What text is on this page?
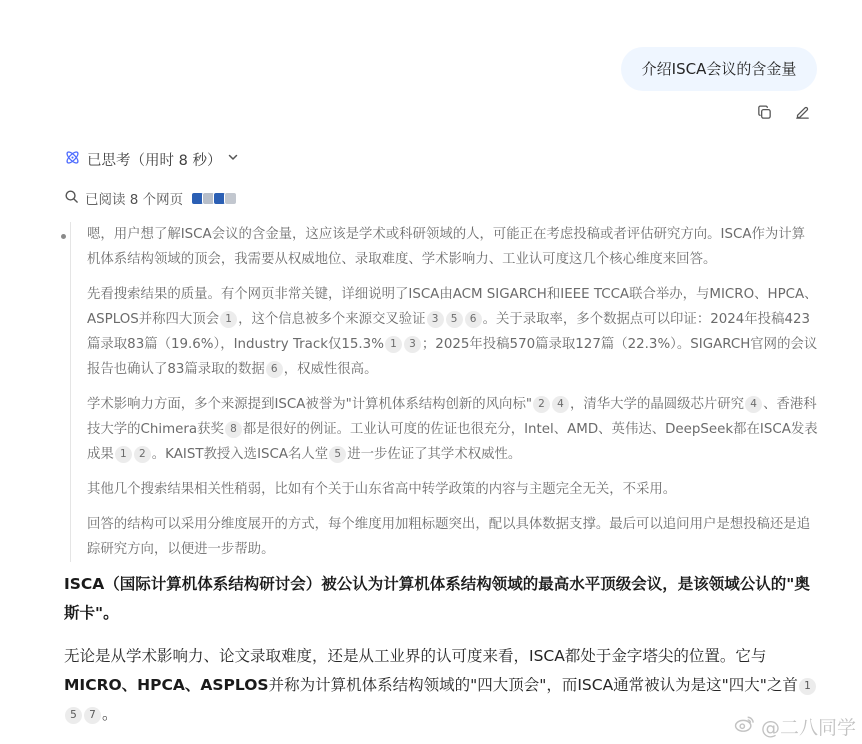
介绍ISCA会议的含金量
已思考（用时 8 秒）
已阅读 8 个网页

嗯，用户想了解ISCA会议的含金量，这应该是学术或科研领域的人，可能正在考虑投稿或者评估研究方向。ISCA作为计算机体系结构领域的顶会，我需要从权威地位、录取难度、学术影响力、工业认可度这几个核心维度来回答。

先看搜索结果的质量。有个网页非常关键，详细说明了ISCA由ACM SIGARCH和IEEE TCCA联合举办，与MICRO、HPCA、ASPLOS并称四大顶会 1 ，这个信息被多个来源交叉验证 3 5 6 。关于录取率，多个数据点可以印证：2024年投稿423篇录取83篇（19.6%），Industry Track仅15.3% 1 3 ；2025年投稿570篇录取127篇（22.3%）。SIGARCH官网的会议报告也确认了83篇录取的数据 6 ，权威性很高。

学术影响力方面，多个来源提到ISCA被誉为"计算机体系结构创新的风向标" 2 4 ，清华大学的晶圆级芯片研究 4 、香港科技大学的Chimera获奖 8 都是很好的例证。工业认可度的佐证也很充分，Intel、AMD、英伟达、DeepSeek都在ISCA发表成果 1 2 。KAIST教授入选ISCA名人堂 5 进一步佐证了其学术权威性。

其他几个搜索结果相关性稍弱，比如有个关于山东省高中转学政策的内容与主题完全无关，不采用。

回答的结构可以采用分维度展开的方式，每个维度用加粗标题突出，配以具体数据支撑。最后可以追问用户是想投稿还是追踪研究方向，以便进一步帮助。

ISCA（国际计算机体系结构研讨会）被公认为计算机体系结构领域的最高水平顶级会议，是该领域公认的"奥斯卡"。

无论是从学术影响力、论文录取难度，还是从工业界的认可度来看，ISCA都处于金字塔尖的位置。它与MICRO、HPCA、ASPLOS并称为计算机体系结构领域的"四大顶会"，而ISCA通常被认为是这"四大"之首 15 7 。

@二八同学
